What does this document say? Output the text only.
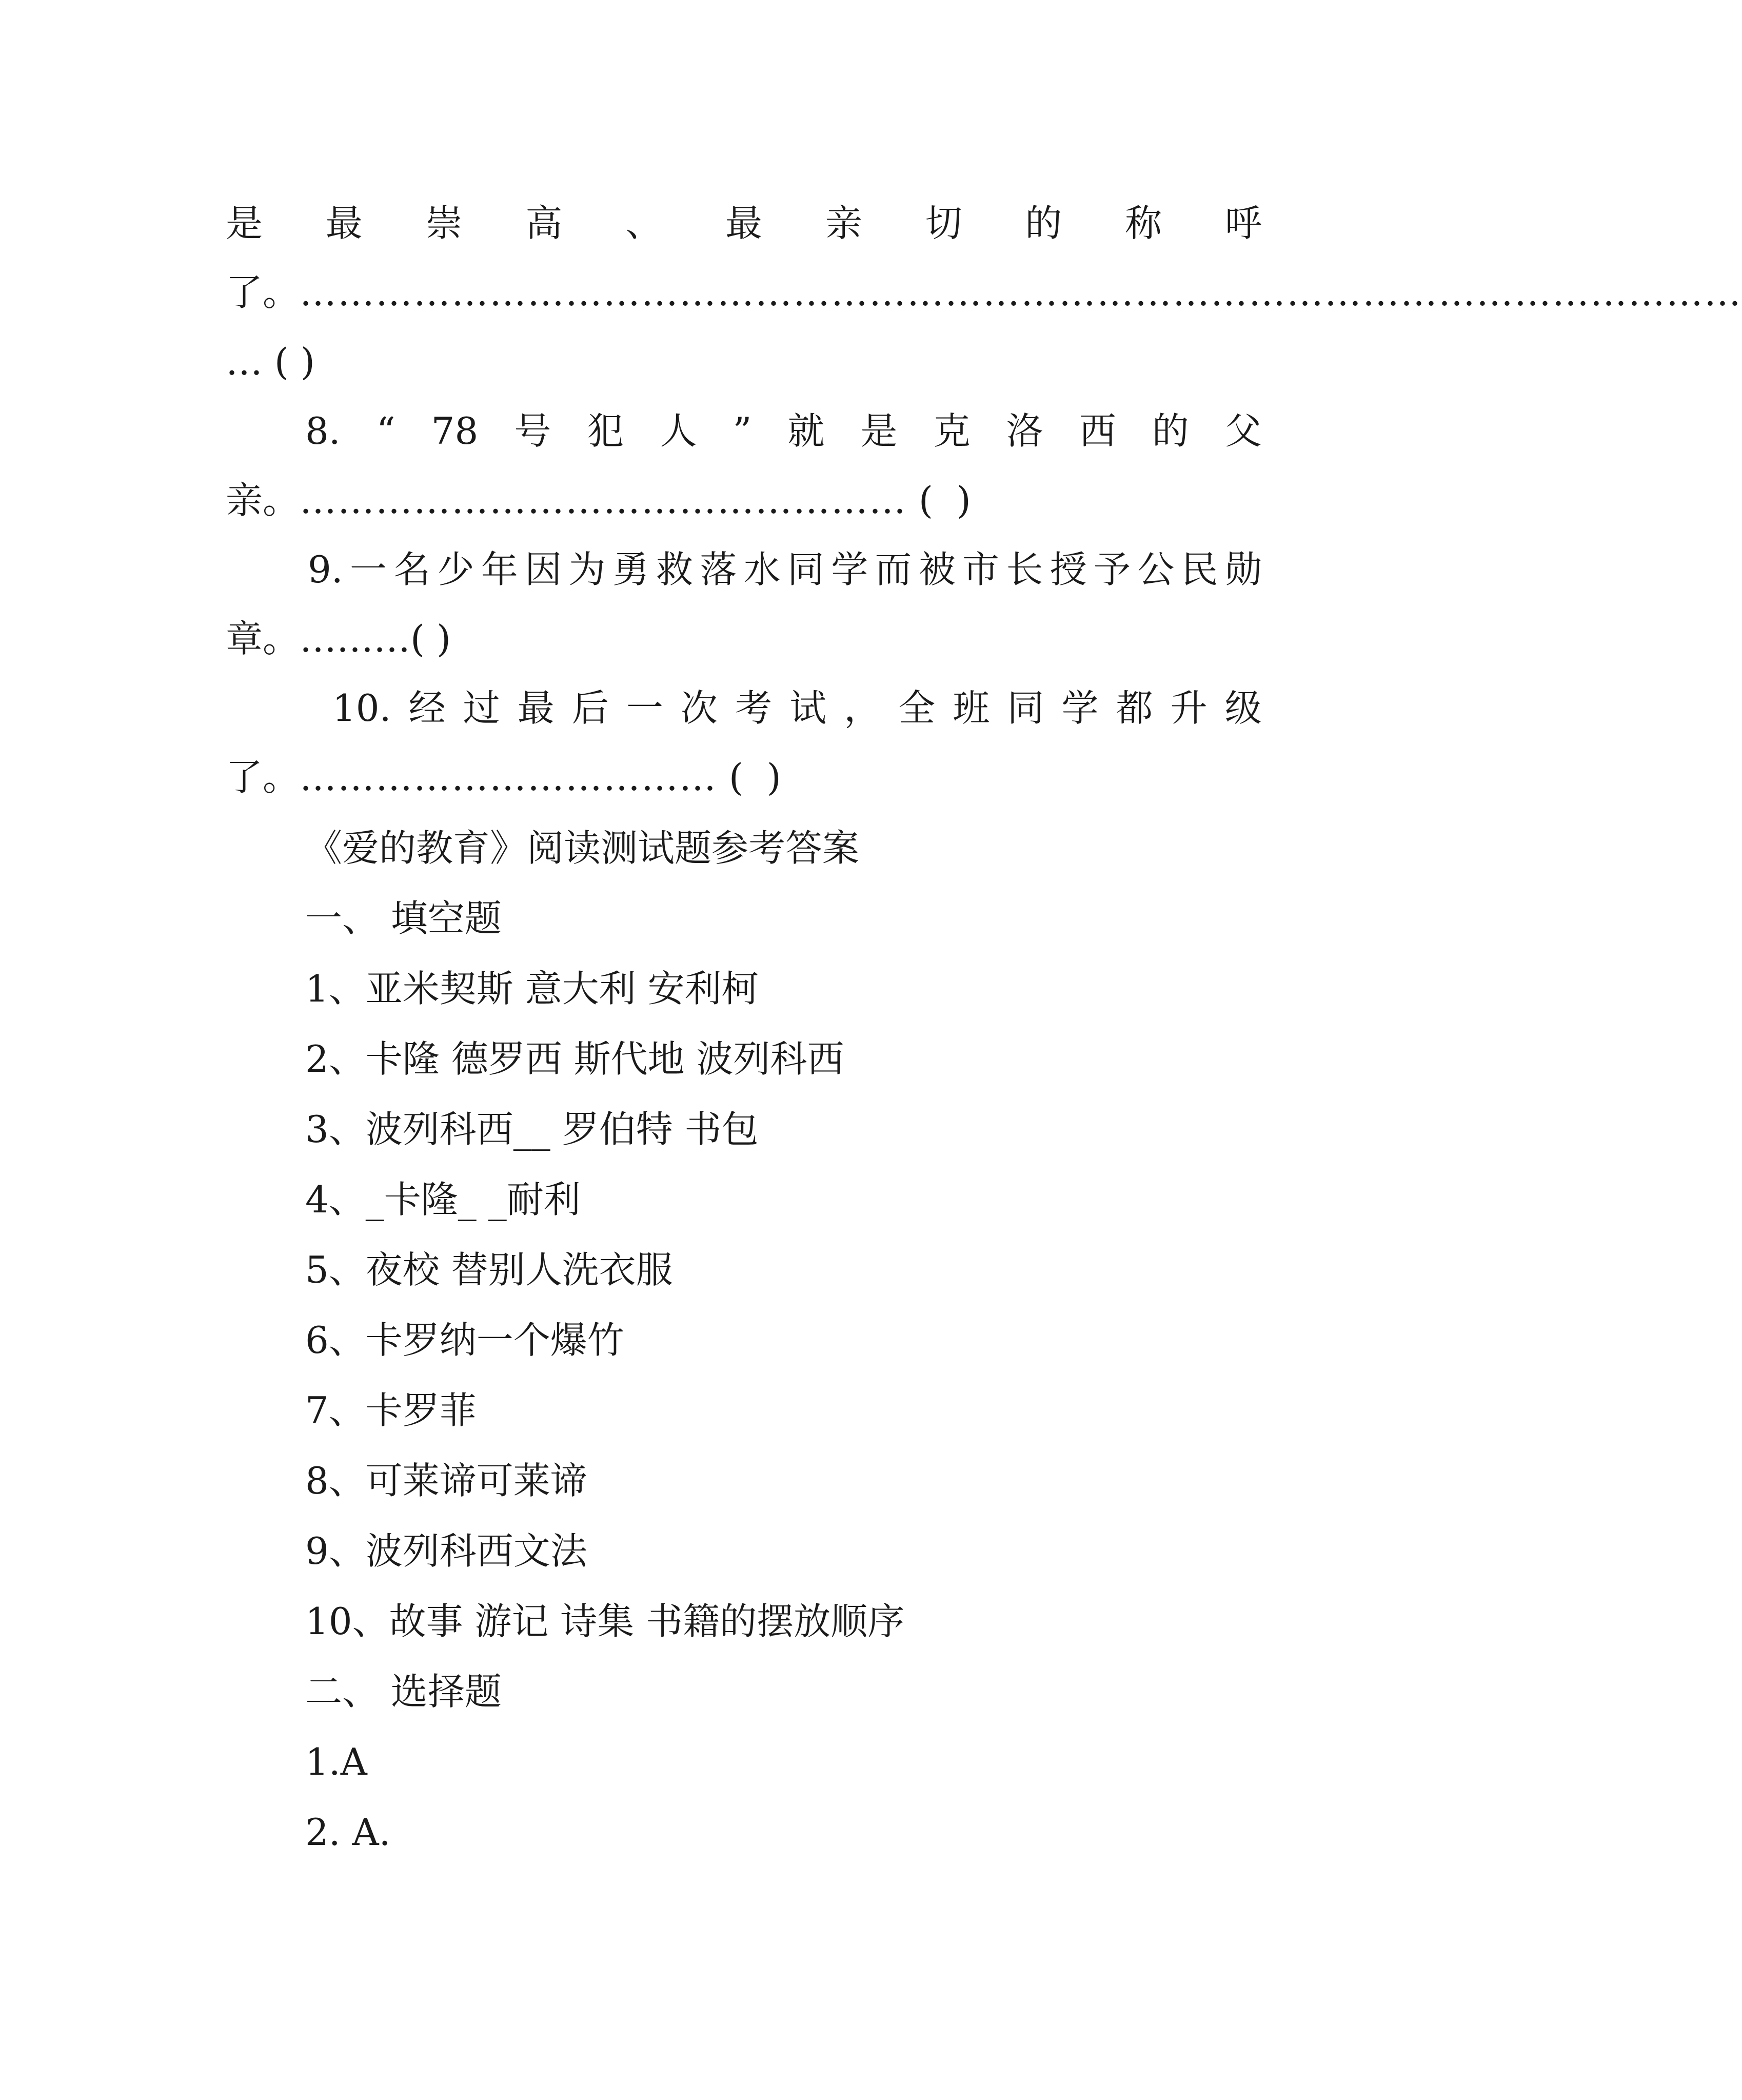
是 最 崇 高 、 最 亲 切 的 称 呼
了。 ……………………………………………………………………………………………………
… ( )
8. “ 78 号 犯 人 ” 就 是 克 洛 西 的 父
亲。 ………………………………………… (  )
9. 一 名 少 年 因 为 勇 救 落 水 同 学 而 被 市 长 授 予 公 民 勋
章。………( )
10. 经 过 最 后 一 次 考 试 ， 全 班 同 学 都 升 级
了。 …………………………… (  )
《爱的教育》阅读测试题参考答案
一、 填空题
1、亚米契斯 意大利 安利柯
2、卡隆 德罗西 斯代地 波列科西
3、波列科西__ 罗伯特 书包
4、_卡隆_ _耐利
5、夜校 替别人洗衣服
6、卡罗纳一个爆竹
7、卡罗菲
8、可莱谛可莱谛
9、波列科西文法
10、故事 游记 诗集 书籍的摆放顺序
二、 选择题
1.A
2. A.
